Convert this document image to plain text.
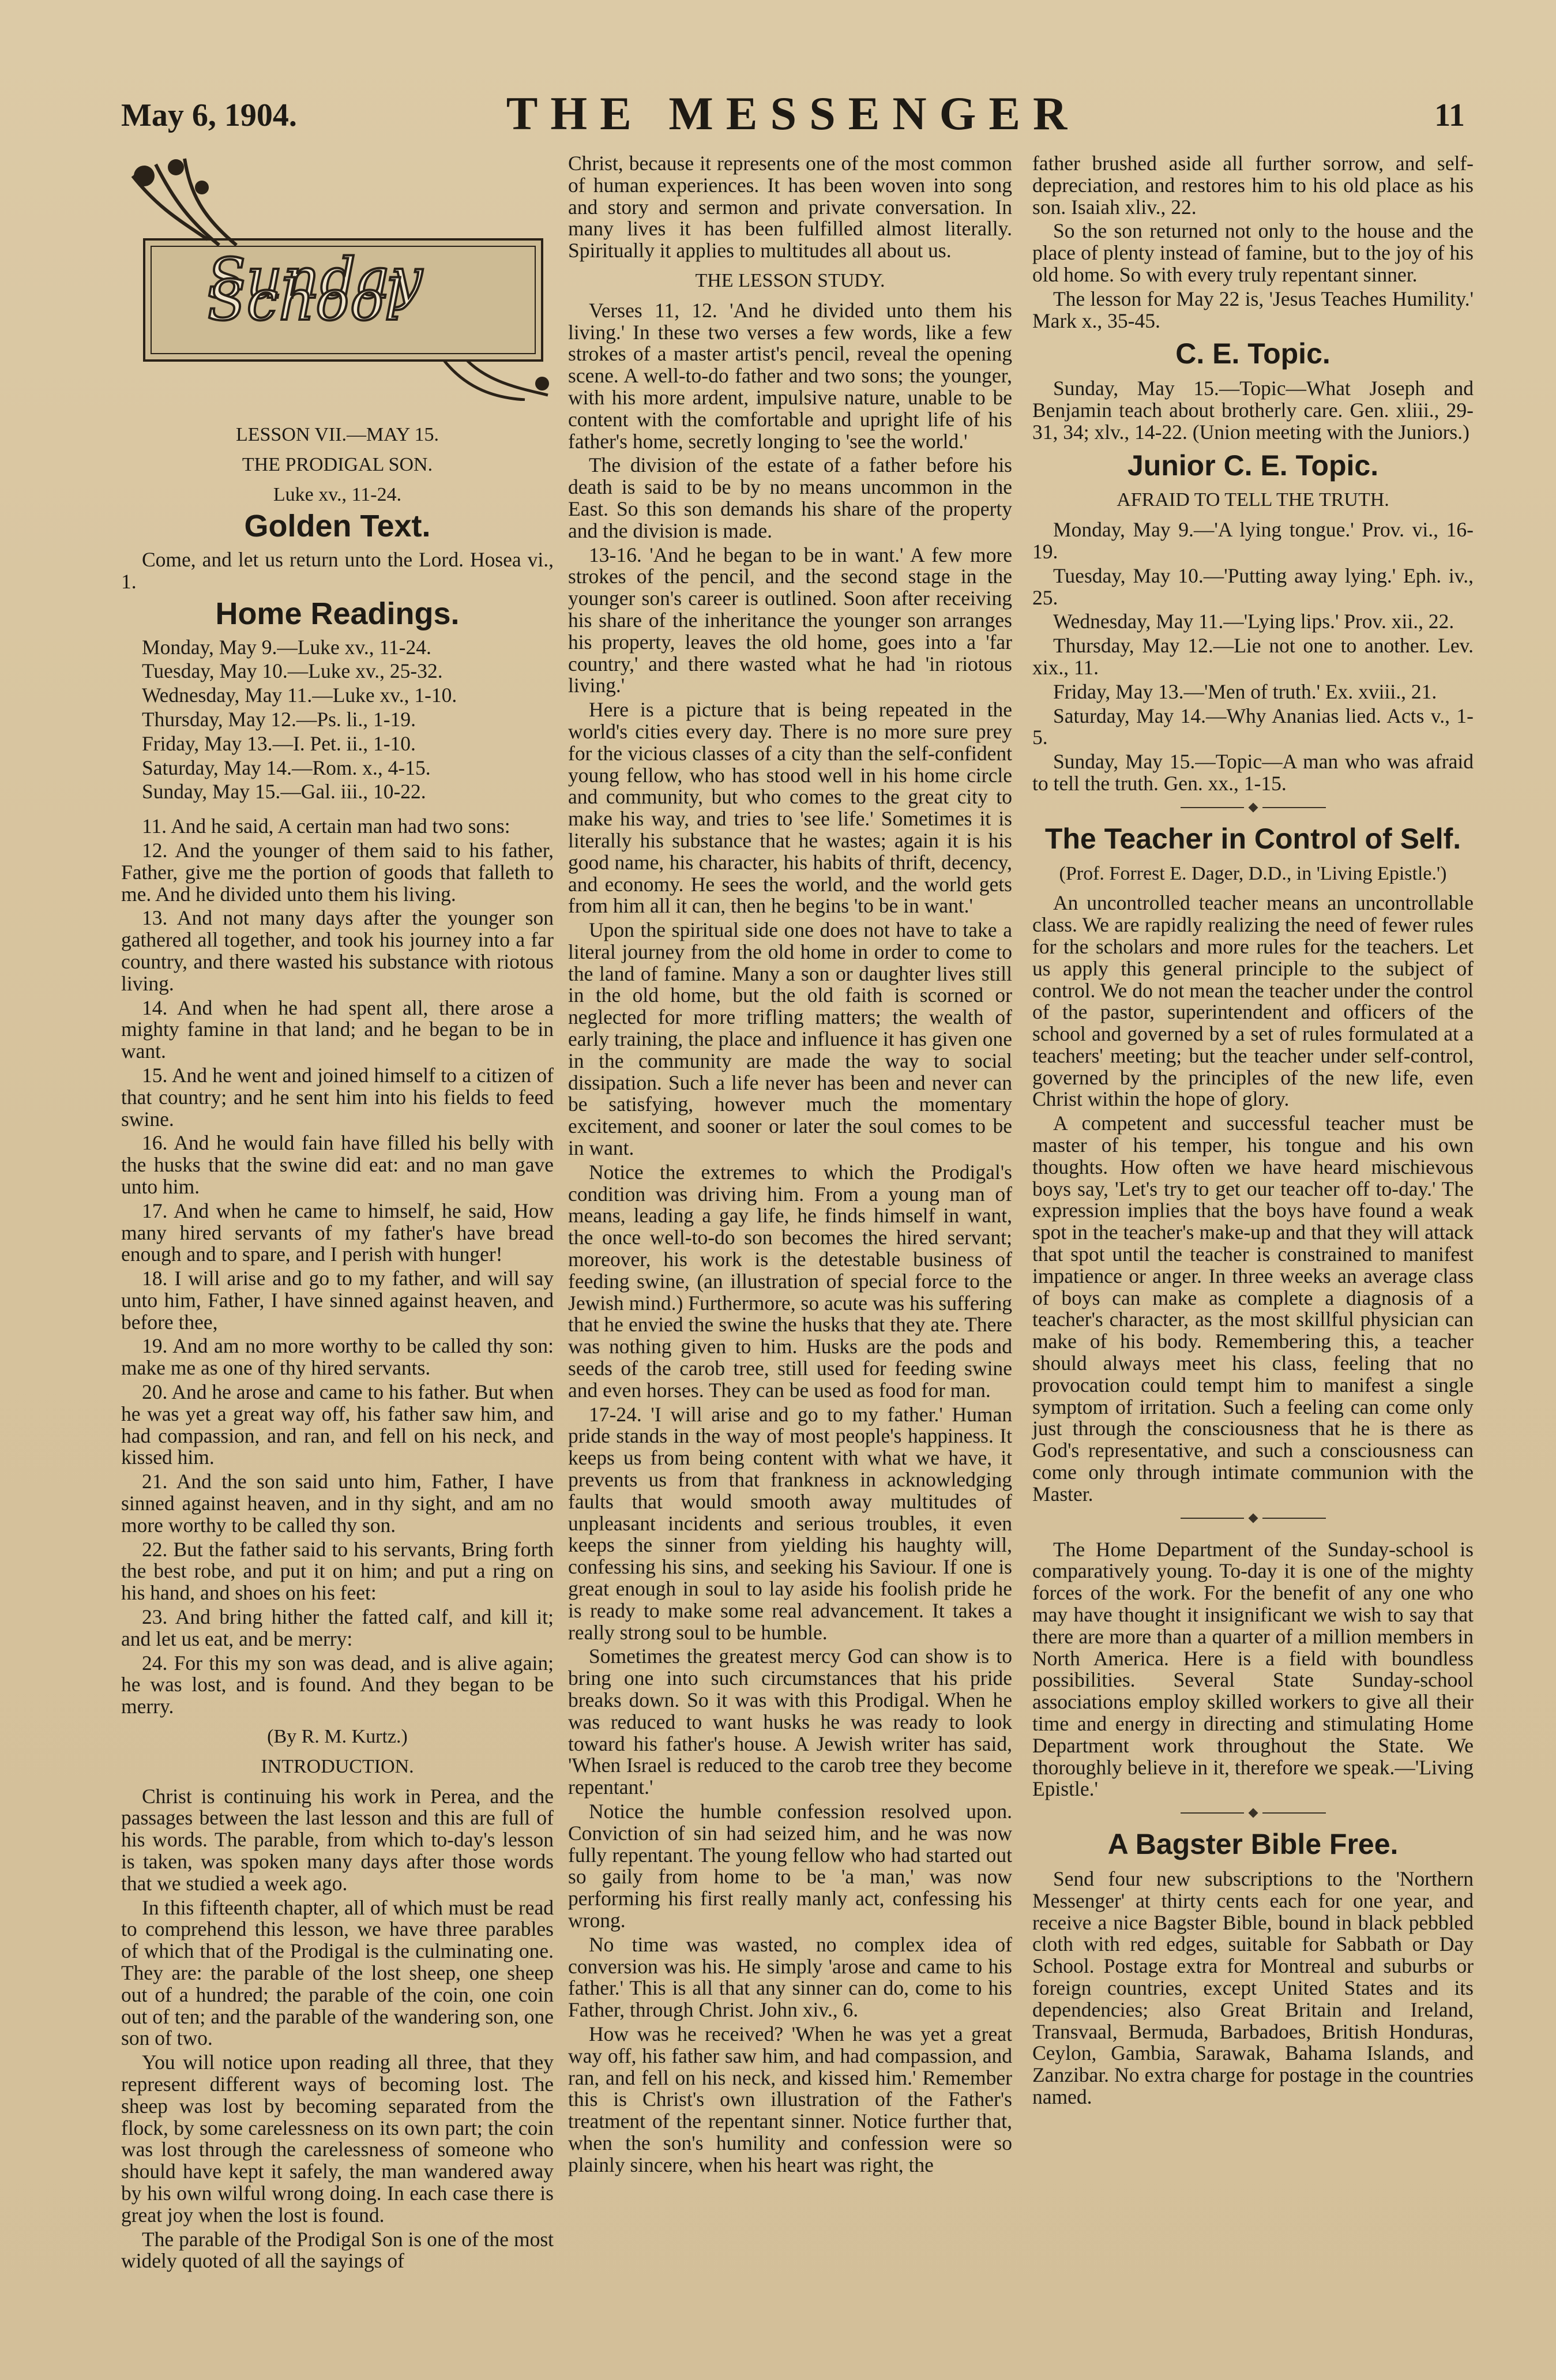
May 6, 1904.	THE MESSENGER	11
Sunday School

LESSON VII.—MAY 15.

THE PRODIGAL SON.

Luke xv., 11-24.

Golden Text.

Come, and let us return unto the Lord. Hosea vi., 1.

Home Readings.
Monday, May 9.—Luke xv., 11-24.
Tuesday, May 10.—Luke xv., 25-32.
Wednesday, May 11.—Luke xv., 1-10.
Thursday, May 12.—Ps. li., 1-19.
Friday, May 13.—I. Pet. ii., 1-10.
Saturday, May 14.—Rom. x., 4-15.
Sunday, May 15.—Gal. iii., 10-22.

11. And he said, A certain man had two sons:

12. And the younger of them said to his father, Father, give me the portion of goods that falleth to me. And he divided unto them his living.

13. And not many days after the younger son gathered all together, and took his journey into a far country, and there wasted his substance with riotous living.

14. And when he had spent all, there arose a mighty famine in that land; and he began to be in want.

15. And he went and joined himself to a citizen of that country; and he sent him into his fields to feed swine.

16. And he would fain have filled his belly with the husks that the swine did eat: and no man gave unto him.

17. And when he came to himself, he said, How many hired servants of my father's have bread enough and to spare, and I perish with hunger!

18. I will arise and go to my father, and will say unto him, Father, I have sinned against heaven, and before thee,

19. And am no more worthy to be called thy son: make me as one of thy hired servants.

20. And he arose and came to his father. But when he was yet a great way off, his father saw him, and had compassion, and ran, and fell on his neck, and kissed him.

21. And the son said unto him, Father, I have sinned against heaven, and in thy sight, and am no more worthy to be called thy son.

22. But the father said to his servants, Bring forth the best robe, and put it on him; and put a ring on his hand, and shoes on his feet:

23. And bring hither the fatted calf, and kill it; and let us eat, and be merry:

24. For this my son was dead, and is alive again; he was lost, and is found. And they began to be merry.

(By R. M. Kurtz.)

INTRODUCTION.

Christ is continuing his work in Perea, and the passages between the last lesson and this are full of his words. The parable, from which to-day's lesson is taken, was spoken many days after those words that we studied a week ago.

In this fifteenth chapter, all of which must be read to comprehend this lesson, we have three parables of which that of the Prodigal is the culminating one. They are: the parable of the lost sheep, one sheep out of a hundred; the parable of the coin, one coin out of ten; and the parable of the wandering son, one son of two.

You will notice upon reading all three, that they represent different ways of becoming lost. The sheep was lost by becoming separated from the flock, by some carelessness on its own part; the coin was lost through the carelessness of someone who should have kept it safely, the man wandered away by his own wilful wrong doing. In each case there is great joy when the lost is found.

The parable of the Prodigal Son is one of the most widely quoted of all the sayings of

Christ, because it represents one of the most common of human experiences. It has been woven into song and story and sermon and private conversation. In many lives it has been fulfilled almost literally. Spiritually it applies to multitudes all about us.

THE LESSON STUDY.

Verses 11, 12. 'And he divided unto them his living.' In these two verses a few words, like a few strokes of a master artist's pencil, reveal the opening scene. A well-to-do father and two sons; the younger, with his more ardent, impulsive nature, unable to be content with the comfortable and upright life of his father's home, secretly longing to 'see the world.'

The division of the estate of a father before his death is said to be by no means uncommon in the East. So this son demands his share of the property and the division is made.

13-16. 'And he began to be in want.' A few more strokes of the pencil, and the second stage in the younger son's career is outlined. Soon after receiving his share of the inheritance the younger son arranges his property, leaves the old home, goes into a 'far country,' and there wasted what he had 'in riotous living.'

Here is a picture that is being repeated in the world's cities every day. There is no more sure prey for the vicious classes of a city than the self-confident young fellow, who has stood well in his home circle and community, but who comes to the great city to make his way, and tries to 'see life.' Sometimes it is literally his substance that he wastes; again it is his good name, his character, his habits of thrift, decency, and economy. He sees the world, and the world gets from him all it can, then he begins 'to be in want.'

Upon the spiritual side one does not have to take a literal journey from the old home in order to come to the land of famine. Many a son or daughter lives still in the old home, but the old faith is scorned or neglected for more trifling matters; the wealth of early training, the place and influence it has given one in the community are made the way to social dissipation. Such a life never has been and never can be satisfying, however much the momentary excitement, and sooner or later the soul comes to be in want.

Notice the extremes to which the Prodigal's condition was driving him. From a young man of means, leading a gay life, he finds himself in want, the once well-to-do son becomes the hired servant; moreover, his work is the detestable business of feeding swine, (an illustration of special force to the Jewish mind.) Furthermore, so acute was his suffering that he envied the swine the husks that they ate. There was nothing given to him. Husks are the pods and seeds of the carob tree, still used for feeding swine and even horses. They can be used as food for man.

17-24. 'I will arise and go to my father.' Human pride stands in the way of most people's happiness. It keeps us from being content with what we have, it prevents us from that frankness in acknowledging faults that would smooth away multitudes of unpleasant incidents and serious troubles, it even keeps the sinner from yielding his haughty will, confessing his sins, and seeking his Saviour. If one is great enough in soul to lay aside his foolish pride he is ready to make some real advancement. It takes a really strong soul to be humble.

Sometimes the greatest mercy God can show is to bring one into such circumstances that his pride breaks down. So it was with this Prodigal. When he was reduced to want husks he was ready to look toward his father's house. A Jewish writer has said, 'When Israel is reduced to the carob tree they become repentant.'

Notice the humble confession resolved upon. Conviction of sin had seized him, and he was now fully repentant. The young fellow who had started out so gaily from home to be 'a man,' was now performing his first really manly act, confessing his wrong.

No time was wasted, no complex idea of conversion was his. He simply 'arose and came to his father.' This is all that any sinner can do, come to his Father, through Christ. John xiv., 6.

How was he received? 'When he was yet a great way off, his father saw him, and had compassion, and ran, and fell on his neck, and kissed him.' Remember this is Christ's own illustration of the Father's treatment of the repentant sinner. Notice further that, when the son's humility and confession were so plainly sincere, when his heart was right, the

father brushed aside all further sorrow, and self-depreciation, and restores him to his old place as his son. Isaiah xliv., 22.

So the son returned not only to the house and the place of plenty instead of famine, but to the joy of his old home. So with every truly repentant sinner.

The lesson for May 22 is, 'Jesus Teaches Humility.' Mark x., 35-45.

C. E. Topic.

Sunday, May 15.—Topic—What Joseph and Benjamin teach about brotherly care. Gen. xliii., 29-31, 34; xlv., 14-22. (Union meeting with the Juniors.)

Junior C. E. Topic.

AFRAID TO TELL THE TRUTH.

Monday, May 9.—'A lying tongue.' Prov. vi., 16-19.

Tuesday, May 10.—'Putting away lying.' Eph. iv., 25.

Wednesday, May 11.—'Lying lips.' Prov. xii., 22.

Thursday, May 12.—Lie not one to another. Lev. xix., 11.

Friday, May 13.—'Men of truth.' Ex. xviii., 21.

Saturday, May 14.—Why Ananias lied. Acts v., 1-5.

Sunday, May 15.—Topic—A man who was afraid to tell the truth. Gen. xx., 1-15.

The Teacher in Control of Self.

(Prof. Forrest E. Dager, D.D., in 'Living Epistle.')

An uncontrolled teacher means an uncontrollable class. We are rapidly realizing the need of fewer rules for the scholars and more rules for the teachers. Let us apply this general principle to the subject of control. We do not mean the teacher under the control of the pastor, superintendent and officers of the school and governed by a set of rules formulated at a teachers' meeting; but the teacher under self-control, governed by the principles of the new life, even Christ within the hope of glory.

A competent and successful teacher must be master of his temper, his tongue and his own thoughts. How often we have heard mischievous boys say, 'Let's try to get our teacher off to-day.' The expression implies that the boys have found a weak spot in the teacher's make-up and that they will attack that spot until the teacher is constrained to manifest impatience or anger. In three weeks an average class of boys can make as complete a diagnosis of a teacher's character, as the most skillful physician can make of his body. Remembering this, a teacher should always meet his class, feeling that no provocation could tempt him to manifest a single symptom of irritation. Such a feeling can come only just through the consciousness that he is there as God's representative, and such a consciousness can come only through intimate communion with the Master.

The Home Department of the Sunday-school is comparatively young. To-day it is one of the mighty forces of the work. For the benefit of any one who may have thought it insignificant we wish to say that there are more than a quarter of a million members in North America. Here is a field with boundless possibilities. Several State Sunday-school associations employ skilled workers to give all their time and energy in directing and stimulating Home Department work throughout the State. We thoroughly believe in it, therefore we speak.—'Living Epistle.'

A Bagster Bible Free.

Send four new subscriptions to the 'Northern Messenger' at thirty cents each for one year, and receive a nice Bagster Bible, bound in black pebbled cloth with red edges, suitable for Sabbath or Day School. Postage extra for Montreal and suburbs or foreign countries, except United States and its dependencies; also Great Britain and Ireland, Transvaal, Bermuda, Barbadoes, British Honduras, Ceylon, Gambia, Sarawak, Bahama Islands, and Zanzibar. No extra charge for postage in the countries named.
